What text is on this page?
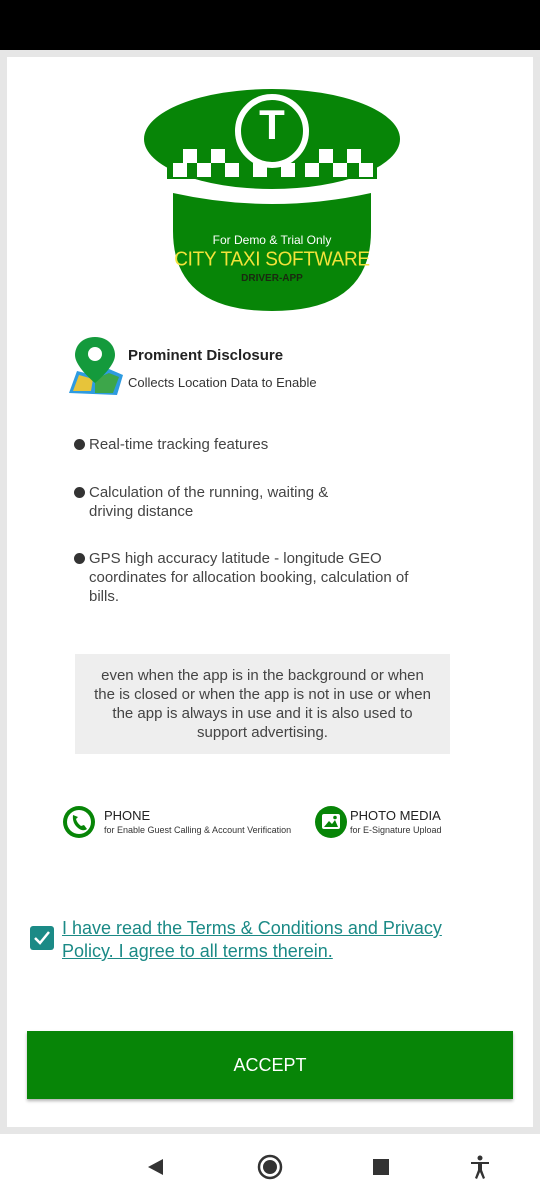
T
For Demo & Trial Only
CITY TAXI SOFTWARE
DRIVER-APP
Prominent Disclosure
Collects Location Data to Enable
Real-time tracking features
Calculation of the running, waiting & driving distance
GPS high accuracy latitude - longitude GEO coordinates for allocation booking, calculation of bills.
even when the app is in the background or when the is closed or when the app is not in use or when the app is always in use and it is also used to support advertising.
PHONE
for Enable Guest Calling & Account Verification
PHOTO MEDIA
for E-Signature Upload
I have read the Terms & Conditions and Privacy Policy. I agree to all terms therein.
ACCEPT
